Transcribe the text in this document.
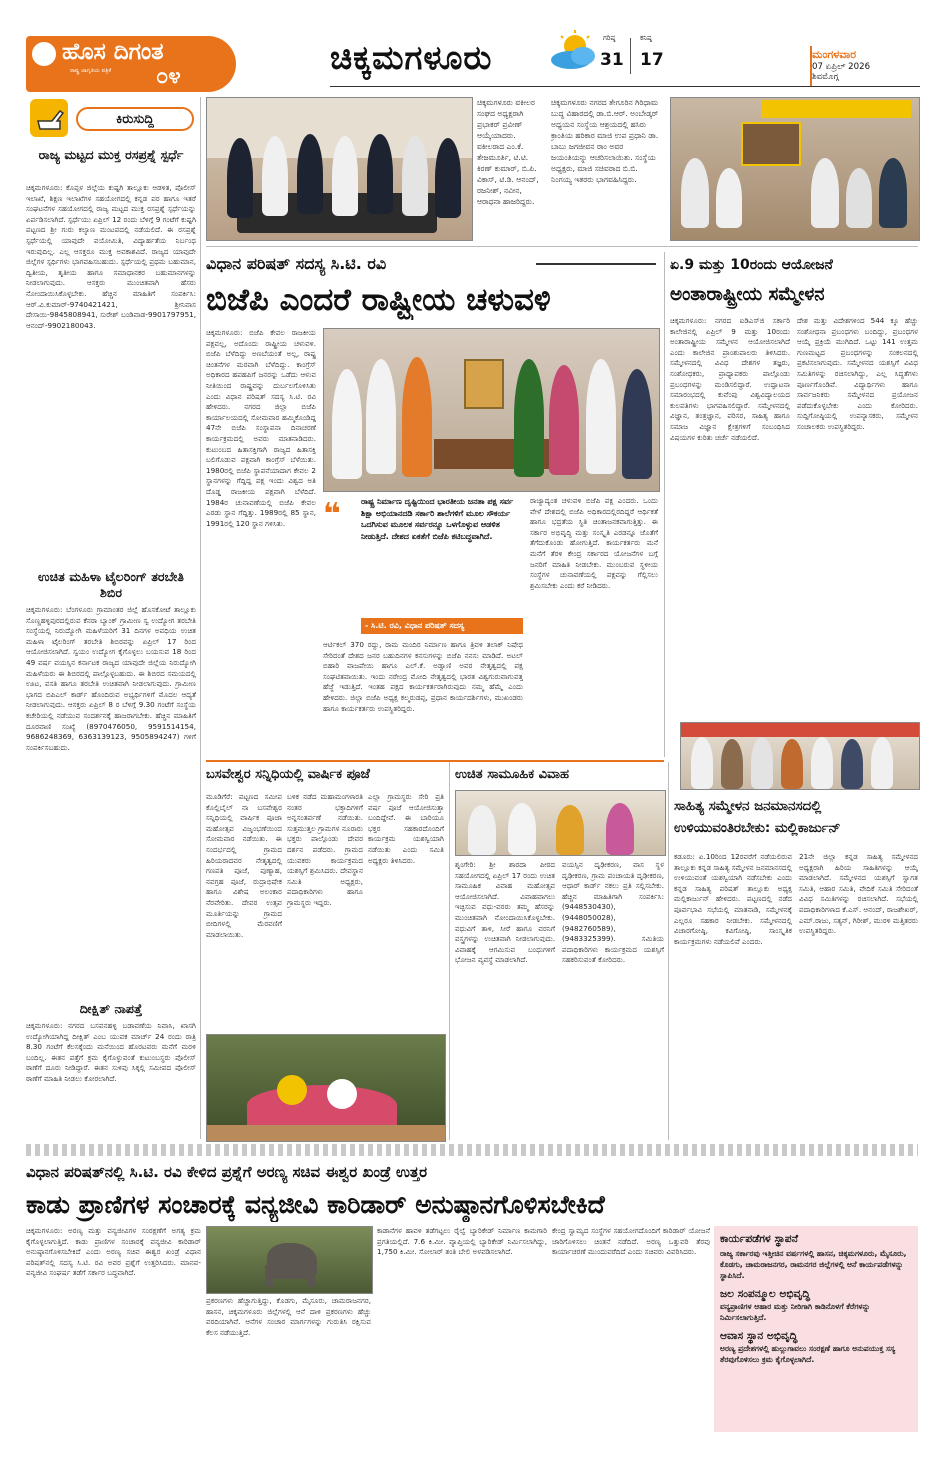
ಹೊಸ ದಿಗಂತ
ರಾಷ್ಟ್ರ ಜಾಗೃತಿಯ ಪತ್ರಿಕೆ ೦೪	ಚಿಕ್ಕಮಗಳೂರು	ಗರಿಷ್ಠ
31
ಕನಿಷ್ಠ
17	ಮಂಗಳವಾರ
07 ಏಪ್ರಿಲ್ 2026
ಶಿವಮೊಗ್ಗ
ಕಿರುಸುದ್ದಿ
ರಾಜ್ಯ ಮಟ್ಟದ ಮುಕ್ತ ರಸಪ್ರಶ್ನೆ ಸ್ಪರ್ಧೆ
ಚಿಕ್ಕಮಗಳೂರು: ಕೊಪ್ಪಳ ಜಿಲ್ಲೆಯ ಕುಷ್ಟಗಿ ತಾಲ್ಲೂಕು ಆಡಳಿತ, ಪೊಲೀಸ್ ಇಲಾಖೆ, ಶಿಕ್ಷಣ ಇಲಾಖೆಗಳ ಸಹಯೋಗದಲ್ಲಿ ಕನ್ನಡ ಪರ ಹಾಗೂ ಇತರೆ ಸಂಘಟನೆಗಳ ಸಹಯೋಗದಲ್ಲಿ ರಾಜ್ಯ ಮಟ್ಟದ ಮುಕ್ತ ರಸಪ್ರಶ್ನೆ ಸ್ಪರ್ಧೆಯನ್ನು ಏರ್ಪಡಿಸಲಾಗಿದೆ. ಸ್ಪರ್ಧೆಯು ಏಪ್ರಿಲ್ 12 ರಂದು ಬೆಳಿಗ್ಗೆ 9 ಗಂಟೆಗೆ ಕುಷ್ಟಗಿ ಪಟ್ಟಣದ ಶ್ರೀ ಗುರು ಕಲ್ಯಾಣ ಮಂಟಪದಲ್ಲಿ ನಡೆಯಲಿದೆ. ಈ ರಸಪ್ರಶ್ನೆ ಸ್ಪರ್ಧೆಯಲ್ಲಿ ಯಾವುದೇ ವಯೋಮಿತಿ, ವಿದ್ಯಾರ್ಹತೆಯ ನಿರ್ಬಂಧ ಇರುವುದಿಲ್ಲ. ಎಲ್ಲ ಆಸಕ್ತರೂ ಮುಕ್ತ ಅವಕಾಶವಿದೆ. ರಾಜ್ಯದ ಯಾವುದೇ ಜಿಲ್ಲೆಗಳ ಸ್ಪರ್ಧಿಗಳು ಭಾಗವಹಿಸಬಹುದು. ಸ್ಪರ್ಧೆಯಲ್ಲಿ ಪ್ರಥಮ ಬಹುಮಾನ, ದ್ವಿತೀಯ, ತೃತೀಯ ಹಾಗೂ ಸಮಾಧಾನಕರ ಬಹುಮಾನಗಳನ್ನು ನೀಡಲಾಗುವುದು. ಆಸಕ್ತರು ಮುಂಚಿತವಾಗಿ ಹೆಸರು ನೋಂದಾಯಿಸಿಕೊಳ್ಳಬೇಕು. ಹೆಚ್ಚಿನ ಮಾಹಿತಿಗೆ ಸಂಪರ್ಕಿಸಿ: ಆರ್.ವಿ.ಕುಮಾರ್-9740421421, ಶ್ರೀನಿವಾಸ ದೇಸಾಯಿ-9845808941, ಸುರೇಶ್ ಬಂಡಿವಾಡ-9901797951, ಆನಂದ್-9902180043.
ಉಚಿತ ಮಹಿಳಾ ಟೈಲರಿಂಗ್ ತರಬೇತಿ ಶಿಬಿರ
ಚಿಕ್ಕಮಗಳೂರು: ಬೆಂಗಳೂರು ಗ್ರಾಮಾಂತರ ಜಿಲ್ಲೆ ಹೊಸಕೋಟೆ ತಾಲ್ಲೂಕು ಸೊಣ್ಣಹಳ್ಳಿಪುರದಲ್ಲಿರುವ ಕೆನರಾ ಬ್ಯಾಂಕ್ ಗ್ರಾಮೀಣ ಸ್ವ ಉದ್ಯೋಗ ತರಬೇತಿ ಸಂಸ್ಥೆಯಲ್ಲಿ ನಿರುದ್ಯೋಗಿ ಮಹಿಳೆಯರಿಗೆ 31 ದಿನಗಳ ಅವಧಿಯ ಉಚಿತ ಮಹಿಳಾ ಟೈಲರಿಂಗ್ ತರಬೇತಿ ಶಿಬಿರವನ್ನು ಏಪ್ರಿಲ್ 17 ರಿಂದ ಆಯೋಜಿಸಲಾಗಿದೆ. ಸ್ವಯಂ ಉದ್ಯೋಗ ಕೈಗೊಳ್ಳಲು ಬಯಸುವ 18 ರಿಂದ 49 ವರ್ಷ ವಯಸ್ಸಿನ ಕರ್ನಾಟಕ ರಾಜ್ಯದ ಯಾವುದೇ ಜಿಲ್ಲೆಯ ನಿರುದ್ಯೋಗಿ ಮಹಿಳೆಯರು ಈ ಶಿಬಿರದಲ್ಲಿ ಪಾಲ್ಗೊಳ್ಳಬಹುದು. ಈ ಶಿಬಿರದ ಸಮಯದಲ್ಲಿ ಊಟ, ವಸತಿ ಹಾಗೂ ತರಬೇತಿ ಉಚಿತವಾಗಿ ನೀಡಲಾಗುವುದು. ಗ್ರಾಮೀಣ ಭಾಗದ ಬಿಪಿಎಲ್ ಕಾರ್ಡ್ ಹೊಂದಿರುವ ಅಭ್ಯರ್ಥಿಗಳಿಗೆ ಮೊದಲ ಆದ್ಯತೆ ನೀಡಲಾಗುವುದು. ಆಸಕ್ತರು ಏಪ್ರಿಲ್ 8 ರ ಬೆಳಿಗ್ಗೆ 9.30 ಗಂಟೆಗೆ ಸಂಸ್ಥೆಯ ಕಚೇರಿಯಲ್ಲಿ ನಡೆಯುವ ಸಂದರ್ಶನಕ್ಕೆ ಹಾಜರಾಗಬೇಕು. ಹೆಚ್ಚಿನ ಮಾಹಿತಿಗೆ ದೂರವಾಣಿ ಸಂಖ್ಯೆ (8970476050, 9591514154, 9686248369, 6363139123, 9505894247) ಗಳಿಗೆ ಸಂಪರ್ಕಿಸಬಹುದು.
ದೀಕ್ಷಿತ್ ನಾಪತ್ತೆ
ಚಿಕ್ಕಮಗಳೂರು: ನಗರದ ಬಸವನಹಳ್ಳಿ ಬಡಾವಣೆಯ ನಿವಾಸಿ, ಖಾಸಗಿ ಉದ್ಯೋಗಿಯಾಗಿದ್ದ ದೀಕ್ಷಿತ್ ಎಂಬ ಯುವಕ ಮಾರ್ಚ್ 24 ರಂದು ರಾತ್ರಿ 8.30 ಗಂಟೆಗೆ ಕೆಲಸಕ್ಕೆಂದು ಮನೆಯಿಂದ ಹೊರಟವರು ಮನೆಗೆ ಮರಳಿ ಬಂದಿಲ್ಲ. ಈತನ ಪತ್ತೆಗೆ ಕ್ರಮ ಕೈಗೊಳ್ಳುವಂತೆ ಕುಟುಂಬಸ್ಥರು ಪೊಲೀಸ್ ಠಾಣೆಗೆ ದೂರು ನೀಡಿದ್ದಾರೆ. ಈತನ ಸುಳಿವು ಸಿಕ್ಕಲ್ಲಿ ಸಮೀಪದ ಪೊಲೀಸ್ ಠಾಣೆಗೆ ಮಾಹಿತಿ ನೀಡಲು ಕೋರಲಾಗಿದೆ.
ಚಿಕ್ಕಮಗಳೂರು ವಕೀಲರ ಸಂಘದ ಅಧ್ಯಕ್ಷರಾಗಿ ಪ್ರಭಾಕರ್ ಪ್ರವೀಣ್ ಆಯ್ಕೆಯಾದರು. ವಕೀಲರಾದ ಎಂ.ಕೆ. ತೇಜಮೂರ್ತಿ, ಟಿ.ಟಿ. ಕಿರಣ್ ಕುಮಾರ್, ಬಿ.ಪಿ. ವಿಕಾಸ್, ಟಿ.ಡಿ. ಆನಂದ್, ರಜನೀಶ್, ನವೀನ, ಆರಾಧನಾ ಹಾಜರಿದ್ದರು.
ಚಿಕ್ಕಮಗಳೂರು ನಗರದ ತೇಗೂರಿನ ಗಿರಿಧಾಮ ಬುದ್ಧ ವಿಹಾರದಲ್ಲಿ ಡಾ.ಬಿ.ಆರ್. ಅಂಬೇಡ್ಕರ್ ಅಧ್ಯಯನ ಸಂಸ್ಥೆಯ ಆಶ್ರಯದಲ್ಲಿ ಹಸಿರು ಕ್ರಾಂತಿಯ ಹರಿಕಾರ ಮಾಜಿ ಉಪ ಪ್ರಧಾನಿ ಡಾ. ಬಾಬು ಜಗಜೀವನ ರಾಂ ಅವರ ಜಯಂತಿಯನ್ನು ಆಚರಿಸಲಾಯಿತು. ಸಂಸ್ಥೆಯ ಅಧ್ಯಕ್ಷರು, ಮಾಜಿ ಸಚಿವರಾದ ಬಿ.ಬಿ. ನಿಂಗಯ್ಯ ಇತರರು ಭಾಗವಹಿಸಿದ್ದರು.
ವಿಧಾನ ಪರಿಷತ್ ಸದಸ್ಯ ಸಿ.ಟಿ. ರವಿ
ಬಿಜೆಪಿ ಎಂದರೆ ರಾಷ್ಟ್ರೀಯ ಚಳುವಳಿ
ಚಿಕ್ಕಮಗಳೂರು: ಬಿಜೆಪಿ ಕೇವಲ ರಾಜಕೀಯ ಪಕ್ಷವಲ್ಲ, ಅದೊಂದು ರಾಷ್ಟ್ರೀಯ ಚಳುವಳಿ. ಬಿಜೆಪಿ ಬೆಳೆದಿದ್ದು ಅಣಬೆಯಂತೆ ಅಲ್ಲ, ರಾಷ್ಟ್ರ ಚಿಂತನೆಗಳ ಮರವಾಗಿ ಬೆಳೆದಿದ್ದು. ಕಾಂಗ್ರೆಸ್ ಅಧಿಕಾರದ ಹಪಹಪಿಗೆ ಜನರನ್ನು ಒಡೆದು ಆಳುವ ನೀತಿಯಿಂದ ರಾಷ್ಟ್ರವನ್ನು ದುರ್ಬಲಗೊಳಿಸಿತು ಎಂದು ವಿಧಾನ ಪರಿಷತ್ ಸದಸ್ಯ ಸಿ.ಟಿ. ರವಿ ಹೇಳಿದರು. ನಗರದ ಜಿಲ್ಲಾ ಬಿಜೆಪಿ ಕಾರ್ಯಾಲಯದಲ್ಲಿ ಸೋಮವಾರ ಹಮ್ಮಿಕೊಂಡಿದ್ದ 47ನೇ ಬಿಜೆಪಿ ಸಂಸ್ಥಾಪನಾ ದಿನಾಚರಣೆ ಕಾರ್ಯಕ್ರಮದಲ್ಲಿ ಅವರು ಮಾತನಾಡಿದರು. ಕುಟುಂಬದ ಹಿತಾಸಕ್ತಿಗಾಗಿ ರಾಜ್ಯದ ಹಿತಾಸಕ್ತಿ ಬಲಿಗೊಡುವ ಪಕ್ಷವಾಗಿ ಕಾಂಗ್ರೆಸ್ ಬೆಳೆಯಿತು. 1980ರಲ್ಲಿ ಬಿಜೆಪಿ ಸ್ಥಾಪನೆಯಾದಾಗ ಕೇವಲ 2 ಸ್ಥಾನಗಳನ್ನು ಗೆದ್ದಿದ್ದ ಪಕ್ಷ ಇಂದು ವಿಶ್ವದ ಅತಿ ದೊಡ್ಡ ರಾಜಕೀಯ ಪಕ್ಷವಾಗಿ ಬೆಳೆದಿದೆ. 1984ರ ಚುನಾವಣೆಯಲ್ಲಿ ಬಿಜೆಪಿ ಕೇವಲ ಎರಡು ಸ್ಥಾನ ಗೆದ್ದಿತ್ತು. 1989ರಲ್ಲಿ 85 ಸ್ಥಾನ, 1991ರಲ್ಲಿ 120 ಸ್ಥಾನ ಗಳಿಸಿತು.	❝	ರಾಷ್ಟ್ರ ನಿರ್ಮಾಣ ದೃಷ್ಟಿಯಿಂದ ಭಾರತೀಯ ಜನತಾ ಪಕ್ಷ ಸರ್ವ ಶಿಕ್ಷಾ ಅಭಿಯಾನದಡಿ ಸರ್ಕಾರಿ ಶಾಲೆಗಳಿಗೆ ಮೂಲ ಸೌಕರ್ಯ ಒದಗಿಸುವ ಮೂಲಕ ಸರ್ವರನ್ನೂ ಒಳಗೊಳ್ಳುವ ಆಡಳಿತ ನೀಡುತ್ತಿದೆ. ದೇಶದ ಏಕತೆಗೆ ಬಿಜೆಪಿ ಕಟಿಬದ್ಧವಾಗಿದೆ.
- ಸಿ.ಟಿ. ರವಿ, ವಿಧಾನ ಪರಿಷತ್ ಸದಸ್ಯ
ಆರ್ಟಿಕಲ್ 370 ರದ್ದು, ರಾಮ ಮಂದಿರ ನಿರ್ಮಾಣ ಹಾಗೂ ತ್ರಿವಳಿ ತಲಾಕ್ ನಿಷೇಧ ಸೇರಿದಂತೆ ದೇಶದ ಜನರ ಬಹುದಿನಗಳ ಕನಸುಗಳನ್ನು ಬಿಜೆಪಿ ನನಸು ಮಾಡಿದೆ. ಅಟಲ್ ಬಿಹಾರಿ ವಾಜಪೇಯಿ ಹಾಗೂ ಎಲ್.ಕೆ. ಅಡ್ವಾಣಿ ಅವರ ನೇತೃತ್ವದಲ್ಲಿ ಪಕ್ಷ ಸಂಘಟಿತವಾಯಿತು. ಇಂದು ನರೇಂದ್ರ ಮೋದಿ ನೇತೃತ್ವದಲ್ಲಿ ಭಾರತ ವಿಶ್ವಗುರುವಾಗುವತ್ತ ಹೆಜ್ಜೆ ಇಡುತ್ತಿದೆ. ಇಂತಹ ಪಕ್ಷದ ಕಾರ್ಯಕರ್ತರಾಗಿರುವುದು ನಮ್ಮ ಹೆಮ್ಮೆ ಎಂದು ಹೇಳಿದರು. ಜಿಲ್ಲಾ ಬಿಜೆಪಿ ಅಧ್ಯಕ್ಷ ಕಲ್ಮರುಡಪ್ಪ, ಪ್ರಧಾನ ಕಾರ್ಯದರ್ಶಿಗಳು, ಮುಖಂಡರು ಹಾಗೂ ಕಾರ್ಯಕರ್ತರು ಉಪಸ್ಥಿತರಿದ್ದರು.
ರಾಜ್ಯಾದ್ಯಂತ ಚಳುವಳಿ ಬಿಜೆಪಿ ಪಕ್ಷ ಎಂದರು. ಒಂದು ವೇಳೆ ದೇಶದಲ್ಲಿ ಬಿಜೆಪಿ ಅಧಿಕಾರದಲ್ಲಿರದಿದ್ದರೆ ಆರ್ಥಿಕತೆ ಹಾಗೂ ಭದ್ರತೆಯ ಸ್ಥಿತಿ ಚಿಂತಾಜನಕವಾಗುತ್ತಿತ್ತು. ಈ ಸರ್ಕಾರ ಅಭಿವೃದ್ಧಿ ಮತ್ತು ಸಂಸ್ಕೃತಿ ಎರಡನ್ನೂ ಜೊತೆಗೆ ತೆಗೆದುಕೊಂಡು ಹೋಗುತ್ತಿದೆ. ಕಾರ್ಯಕರ್ತರು ಮನೆ ಮನೆಗೆ ತೆರಳಿ ಕೇಂದ್ರ ಸರ್ಕಾರದ ಯೋಜನೆಗಳ ಬಗ್ಗೆ ಜನರಿಗೆ ಮಾಹಿತಿ ನೀಡಬೇಕು. ಮುಂಬರುವ ಸ್ಥಳೀಯ ಸಂಸ್ಥೆಗಳ ಚುನಾವಣೆಯಲ್ಲಿ ಪಕ್ಷವನ್ನು ಗೆಲ್ಲಿಸಲು ಶ್ರಮಿಸಬೇಕು ಎಂದು ಕರೆ ನೀಡಿದರು.
ಏ.9 ಮತ್ತು 10ರಂದು ಆಯೋಜನೆ
ಅಂತಾರಾಷ್ಟ್ರೀಯ ಸಮ್ಮೇಳನ
ಚಿಕ್ಕಮಗಳೂರು: ನಗರದ ಐಡಿಎಸ್‌ಜಿ ಸರ್ಕಾರಿ ಕಾಲೇಜಿನಲ್ಲಿ ಏಪ್ರಿಲ್ 9 ಮತ್ತು 10ರಂದು ಅಂತಾರಾಷ್ಟ್ರೀಯ ಸಮ್ಮೇಳನ ಆಯೋಜಿಸಲಾಗಿದೆ ಎಂದು ಕಾಲೇಜಿನ ಪ್ರಾಂಶುಪಾಲರು ತಿಳಿಸಿದರು. ಸಮ್ಮೇಳನದಲ್ಲಿ ವಿವಿಧ ದೇಶಗಳ ತಜ್ಞರು, ಸಂಶೋಧಕರು, ಪ್ರಾಧ್ಯಾಪಕರು ಪಾಲ್ಗೊಂಡು ಪ್ರಬಂಧಗಳನ್ನು ಮಂಡಿಸಲಿದ್ದಾರೆ. ಉದ್ಘಾಟನಾ ಸಮಾರಂಭದಲ್ಲಿ ಕುವೆಂಪು ವಿಶ್ವವಿದ್ಯಾಲಯದ ಕುಲಪತಿಗಳು ಭಾಗವಹಿಸಲಿದ್ದಾರೆ. ಸಮ್ಮೇಳನದಲ್ಲಿ ವಿಜ್ಞಾನ, ತಂತ್ರಜ್ಞಾನ, ಪರಿಸರ, ಸಾಹಿತ್ಯ ಹಾಗೂ ಸಮಾಜ ವಿಜ್ಞಾನ ಕ್ಷೇತ್ರಗಳಿಗೆ ಸಂಬಂಧಿಸಿದ ವಿಷಯಗಳ ಕುರಿತು ಚರ್ಚೆ ನಡೆಯಲಿದೆ.
ದೇಶ ಮತ್ತು ವಿದೇಶಗಳಿಂದ 544 ಕ್ಕೂ ಹೆಚ್ಚು ಸಂಶೋಧನಾ ಪ್ರಬಂಧಗಳು ಬಂದಿದ್ದು, ಪ್ರಬಂಧಗಳ ಆಯ್ಕೆ ಪ್ರಕ್ರಿಯೆ ಮುಗಿದಿದೆ. ಒಟ್ಟು 141 ಉತ್ತಮ ಗುಣಮಟ್ಟದ ಪ್ರಬಂಧಗಳನ್ನು ಸಂಕಲನದಲ್ಲಿ ಪ್ರಕಟಿಸಲಾಗುವುದು. ಸಮ್ಮೇಳನದ ಯಶಸ್ಸಿಗೆ ವಿವಿಧ ಸಮಿತಿಗಳನ್ನು ರಚಿಸಲಾಗಿದ್ದು, ಎಲ್ಲ ಸಿದ್ಧತೆಗಳು ಪೂರ್ಣಗೊಂಡಿವೆ. ವಿದ್ಯಾರ್ಥಿಗಳು ಹಾಗೂ ಸಾರ್ವಜನಿಕರು ಸಮ್ಮೇಳನದ ಪ್ರಯೋಜನ ಪಡೆದುಕೊಳ್ಳಬೇಕು ಎಂದು ಕೋರಿದರು. ಸುದ್ದಿಗೋಷ್ಠಿಯಲ್ಲಿ ಉಪನ್ಯಾಸಕರು, ಸಮ್ಮೇಳನ ಸಂಚಾಲಕರು ಉಪಸ್ಥಿತರಿದ್ದರು.
ಬಸವೇಶ್ವರ ಸನ್ನಿಧಿಯಲ್ಲಿ ವಾರ್ಷಿಕ ಪೂಜೆ
ಮೂಡಿಗೆರೆ: ಪಟ್ಟಣದ ಸಮೀಪ ಕೊಲ್ಲಿಬೈಲ್ ನಾ ಬಸವೇಶ್ವರ ಸನ್ನಿಧಿಯಲ್ಲಿ ವಾರ್ಷಿಕ ಪೂಜಾ ಮಹೋತ್ಸವ ವಿಜೃಂಭಣೆಯಿಂದ ಸೋಮವಾರ ನಡೆಯಿತು. ಈ ಸಂದರ್ಭದಲ್ಲಿ ಗ್ರಾಮದ ಹಿರಿಯರಾದವರ ನೇತೃತ್ವದಲ್ಲಿ ಗಣಪತಿ ಪೂಜೆ, ಪುಣ್ಯಾಹ, ನವಗ್ರಹ ಪೂಜೆ, ರುದ್ರಾಭಿಷೇಕ ಹಾಗೂ ವಿಶೇಷ ಅಲಂಕಾರ ನೆರವೇರಿತು. ದೇವರ ಉತ್ಸವ ಮೂರ್ತಿಯನ್ನು ಗ್ರಾಮದ ಬೀದಿಗಳಲ್ಲಿ ಮೆರವಣಿಗೆ ಮಾಡಲಾಯಿತು.
ಬಳಿಕ ನಡೆದ ಮಹಾಮಂಗಳಾರತಿ ನಂತರ ಭಕ್ತಾದಿಗಳಿಗೆ ಅನ್ನಸಂತರ್ಪಣೆ ನಡೆಯಿತು. ಸುತ್ತಮುತ್ತಲ ಗ್ರಾಮಗಳ ನೂರಾರು ಭಕ್ತರು ಪಾಲ್ಗೊಂಡು ದೇವರ ದರ್ಶನ ಪಡೆದರು. ಗ್ರಾಮದ ಯುವಕರು ಕಾರ್ಯಕ್ರಮದ ಯಶಸ್ಸಿಗೆ ಶ್ರಮಿಸಿದರು. ದೇವಸ್ಥಾನ ಸಮಿತಿ ಅಧ್ಯಕ್ಷರು, ಪದಾಧಿಕಾರಿಗಳು ಹಾಗೂ ಗ್ರಾಮಸ್ಥರು ಇದ್ದರು.
ಎಲ್ಲಾ ಗ್ರಾಮಸ್ಥರು ಸೇರಿ ಪ್ರತಿ ವರ್ಷ ಪೂಜೆ ಆಯೋಜಿಸುತ್ತಾ ಬಂದಿದ್ದೇವೆ. ಈ ಬಾರಿಯೂ ಭಕ್ತರ ಸಹಕಾರದೊಂದಿಗೆ ಕಾರ್ಯಕ್ರಮ ಯಶಸ್ವಿಯಾಗಿ ನಡೆಯಿತು ಎಂದು ಸಮಿತಿ ಅಧ್ಯಕ್ಷರು ತಿಳಿಸಿದರು.
ಉಚಿತ ಸಾಮೂಹಿಕ ವಿವಾಹ
ಶೃಂಗೇರಿ: ಶ್ರೀ ಶಾರದಾ ಪೀಠದ ಸಹಯೋಗದಲ್ಲಿ ಏಪ್ರಿಲ್ 17 ರಂದು ಉಚಿತ ಸಾಮೂಹಿಕ ವಿವಾಹ ಮಹೋತ್ಸವ ಆಯೋಜಿಸಲಾಗಿದೆ. ವಿವಾಹವಾಗಲು ಇಚ್ಛಿಸುವ ವಧು-ವರರು ತಮ್ಮ ಹೆಸರನ್ನು ಮುಂಚಿತವಾಗಿ ನೋಂದಾಯಿಸಿಕೊಳ್ಳಬೇಕು. ವಧುವಿಗೆ ತಾಳಿ, ಸೀರೆ ಹಾಗೂ ವರನಿಗೆ ವಸ್ತ್ರಗಳನ್ನು ಉಚಿತವಾಗಿ ನೀಡಲಾಗುವುದು. ವಿವಾಹಕ್ಕೆ ಆಗಮಿಸುವ ಬಂಧುಗಳಿಗೆ ಭೋಜನ ವ್ಯವಸ್ಥೆ ಮಾಡಲಾಗಿದೆ.
ವಯಸ್ಸಿನ ದೃಢೀಕರಣ, ವಾಸ ಸ್ಥಳ ದೃಢೀಕರಣ, ಗ್ರಾಮ ಪಂಚಾಯತಿ ದೃಢೀಕರಣ, ಆಧಾರ್ ಕಾರ್ಡ್ ನಕಲು ಪ್ರತಿ ಸಲ್ಲಿಸಬೇಕು. ಹೆಚ್ಚಿನ ಮಾಹಿತಿಗಾಗಿ ಸಂಪರ್ಕಿಸಿ: (9448530430), (9448050028), (9482760589), (9483325399). ಸಮಿತಿಯ ಪದಾಧಿಕಾರಿಗಳು ಕಾರ್ಯಕ್ರಮದ ಯಶಸ್ಸಿಗೆ ಸಹಕರಿಸುವಂತೆ ಕೋರಿದರು.
ಸಾಹಿತ್ಯ ಸಮ್ಮೇಳನ ಜನಮಾನಸದಲ್ಲಿ ಉಳಿಯುವಂತಿರಬೇಕು: ಮಲ್ಲಿಕಾರ್ಜುನ್
ಕಡೂರು: ಏ.10ರಿಂದ 12ರವರೆಗೆ ನಡೆಯಲಿರುವ ತಾಲ್ಲೂಕು ಕನ್ನಡ ಸಾಹಿತ್ಯ ಸಮ್ಮೇಳನ ಜನಮಾನಸದಲ್ಲಿ ಉಳಿಯುವಂತೆ ಯಶಸ್ವಿಯಾಗಿ ನಡೆಸಬೇಕು ಎಂದು ಕನ್ನಡ ಸಾಹಿತ್ಯ ಪರಿಷತ್ ತಾಲ್ಲೂಕು ಅಧ್ಯಕ್ಷ ಮಲ್ಲಿಕಾರ್ಜುನ್ ಹೇಳಿದರು. ಪಟ್ಟಣದಲ್ಲಿ ನಡೆದ ಪೂರ್ವಭಾವಿ ಸಭೆಯಲ್ಲಿ ಮಾತನಾಡಿ, ಸಮ್ಮೇಳನಕ್ಕೆ ಎಲ್ಲರೂ ಸಹಕಾರ ನೀಡಬೇಕು. ಸಮ್ಮೇಳನದಲ್ಲಿ ವಿಚಾರಗೋಷ್ಠಿ, ಕವಿಗೋಷ್ಠಿ, ಸಾಂಸ್ಕೃತಿಕ ಕಾರ್ಯಕ್ರಮಗಳು ನಡೆಯಲಿವೆ ಎಂದರು.
21ನೇ ಜಿಲ್ಲಾ ಕನ್ನಡ ಸಾಹಿತ್ಯ ಸಮ್ಮೇಳನದ ಅಧ್ಯಕ್ಷರಾಗಿ ಹಿರಿಯ ಸಾಹಿತಿಗಳನ್ನು ಆಯ್ಕೆ ಮಾಡಲಾಗಿದೆ. ಸಮ್ಮೇಳನದ ಯಶಸ್ಸಿಗೆ ಸ್ವಾಗತ ಸಮಿತಿ, ಆಹಾರ ಸಮಿತಿ, ವೇದಿಕೆ ಸಮಿತಿ ಸೇರಿದಂತೆ ವಿವಿಧ ಸಮಿತಿಗಳನ್ನು ರಚಿಸಲಾಗಿದೆ. ಸಭೆಯಲ್ಲಿ ಪದಾಧಿಕಾರಿಗಳಾದ ಕೆ.ಎಸ್. ಆನಂದ್, ರಾಜಶೇಖರ್, ಎಮ್.ರಾಜು, ಸತ್ಯನ್, ಗಿರೀಶ್, ಮುರಳಿ ಮತ್ತಿತರರು ಉಪಸ್ಥಿತರಿದ್ದರು.
ವಿಧಾನ ಪರಿಷತ್‌ನಲ್ಲಿ ಸಿ.ಟಿ. ರವಿ ಕೇಳಿದ ಪ್ರಶ್ನೆಗೆ ಅರಣ್ಯ ಸಚಿವ ಈಶ್ವರ ಖಂಡ್ರೆ ಉತ್ತರ
ಕಾಡು ಪ್ರಾಣಿಗಳ ಸಂಚಾರಕ್ಕೆ ವನ್ಯಜೀವಿ ಕಾರಿಡಾರ್ ಅನುಷ್ಠಾನಗೊಳಿಸಬೇಕಿದೆ
ಚಿಕ್ಕಮಗಳೂರು: ಅರಣ್ಯ ಮತ್ತು ವನ್ಯಜೀವಿಗಳ ಸಂರಕ್ಷಣೆಗೆ ಅಗತ್ಯ ಕ್ರಮ ಕೈಗೊಳ್ಳಲಾಗುತ್ತಿದೆ. ಕಾಡು ಪ್ರಾಣಿಗಳ ಸಂಚಾರಕ್ಕೆ ವನ್ಯಜೀವಿ ಕಾರಿಡಾರ್ ಅನುಷ್ಠಾನಗೊಳಿಸಬೇಕಿದೆ ಎಂದು ಅರಣ್ಯ ಸಚಿವ ಈಶ್ವರ ಖಂಡ್ರೆ ವಿಧಾನ ಪರಿಷತ್‌ನಲ್ಲಿ ಸದಸ್ಯ ಸಿ.ಟಿ. ರವಿ ಅವರ ಪ್ರಶ್ನೆಗೆ ಉತ್ತರಿಸಿದರು. ಮಾನವ-ವನ್ಯಜೀವಿ ಸಂಘರ್ಷ ತಡೆಗೆ ಸರ್ಕಾರ ಬದ್ಧವಾಗಿದೆ.
ಪ್ರಕರಣಗಳು ಹೆಚ್ಚಾಗುತ್ತಿದ್ದು, ಕೊಡಗು, ಮೈಸೂರು, ಚಾಮರಾಜನಗರ, ಹಾಸನ, ಚಿಕ್ಕಮಗಳೂರು ಜಿಲ್ಲೆಗಳಲ್ಲಿ ಆನೆ ದಾಳಿ ಪ್ರಕರಣಗಳು ಹೆಚ್ಚು ವರದಿಯಾಗಿವೆ. ಆನೆಗಳ ಸಂಚಾರ ಮಾರ್ಗಗಳನ್ನು ಗುರುತಿಸಿ ರಕ್ಷಿಸುವ ಕೆಲಸ ನಡೆಯುತ್ತಿದೆ.
ಕಾಡಾನೆಗಳ ಹಾವಳಿ ತಡೆಗಟ್ಟಲು ರೈಲ್ವೆ ಬ್ಯಾರಿಕೇಡ್ ನಿರ್ಮಾಣ ಕಾಮಗಾರಿ ಪ್ರಗತಿಯಲ್ಲಿದೆ. 7.6 ಕಿ.ಮೀ. ವ್ಯಾಪ್ತಿಯಲ್ಲಿ ಬ್ಯಾರಿಕೇಡ್ ನಿರ್ಮಿಸಲಾಗಿದ್ದು, 1,750 ಕಿ.ಮೀ. ಸೋಲಾರ್ ತಂತಿ ಬೇಲಿ ಅಳವಡಿಸಲಾಗಿದೆ.
ಕೇಂದ್ರ ಸ್ವಾಮ್ಯದ ಸಂಸ್ಥೆಗಳ ಸಹಯೋಗದೊಂದಿಗೆ ಕಾರಿಡಾರ್ ಯೋಜನೆ ಜಾರಿಗೊಳಿಸಲು ಚಿಂತನೆ ನಡೆದಿದೆ. ಅರಣ್ಯ ಒತ್ತುವರಿ ತೆರವು ಕಾರ್ಯಾಚರಣೆ ಮುಂದುವರೆದಿದೆ ಎಂದು ಸಚಿವರು ವಿವರಿಸಿದರು.
ಕಾರ್ಯಪಡೆಗಳ ಸ್ಥಾಪನೆ
ರಾಜ್ಯ ಸರ್ಕಾರವು ಇತ್ತೀಚಿನ ವರ್ಷಗಳಲ್ಲಿ ಹಾಸನ, ಚಿಕ್ಕಮಗಳೂರು, ಮೈಸೂರು, ಕೊಡಗು, ಚಾಮರಾಜನಗರ, ರಾಮನಗರ ಜಿಲ್ಲೆಗಳಲ್ಲಿ ಆನೆ ಕಾರ್ಯಪಡೆಗಳನ್ನು ಸ್ಥಾಪಿಸಿದೆ.
ಜಲ ಸಂಪನ್ಮೂಲ ಅಭಿವೃದ್ಧಿ
ವನ್ಯಪ್ರಾಣಿಗಳ ಆಹಾರ ಮತ್ತು ನೀರಿಗಾಗಿ ಕಾಡಿನೊಳಗೆ ಕೆರೆಗಳನ್ನು ನಿರ್ಮಿಸಲಾಗುತ್ತಿದೆ.
ಆವಾಸ ಸ್ಥಾನ ಅಭಿವೃದ್ಧಿ
ಅರಣ್ಯ ಪ್ರದೇಶಗಳಲ್ಲಿ ಹುಲ್ಲುಗಾವಲು ಸಂರಕ್ಷಣೆ ಹಾಗೂ ಅನುಪಯುಕ್ತ ಸಸ್ಯ ತೆರವುಗೊಳಿಸಲು ಕ್ರಮ ಕೈಗೊಳ್ಳಲಾಗಿದೆ.
